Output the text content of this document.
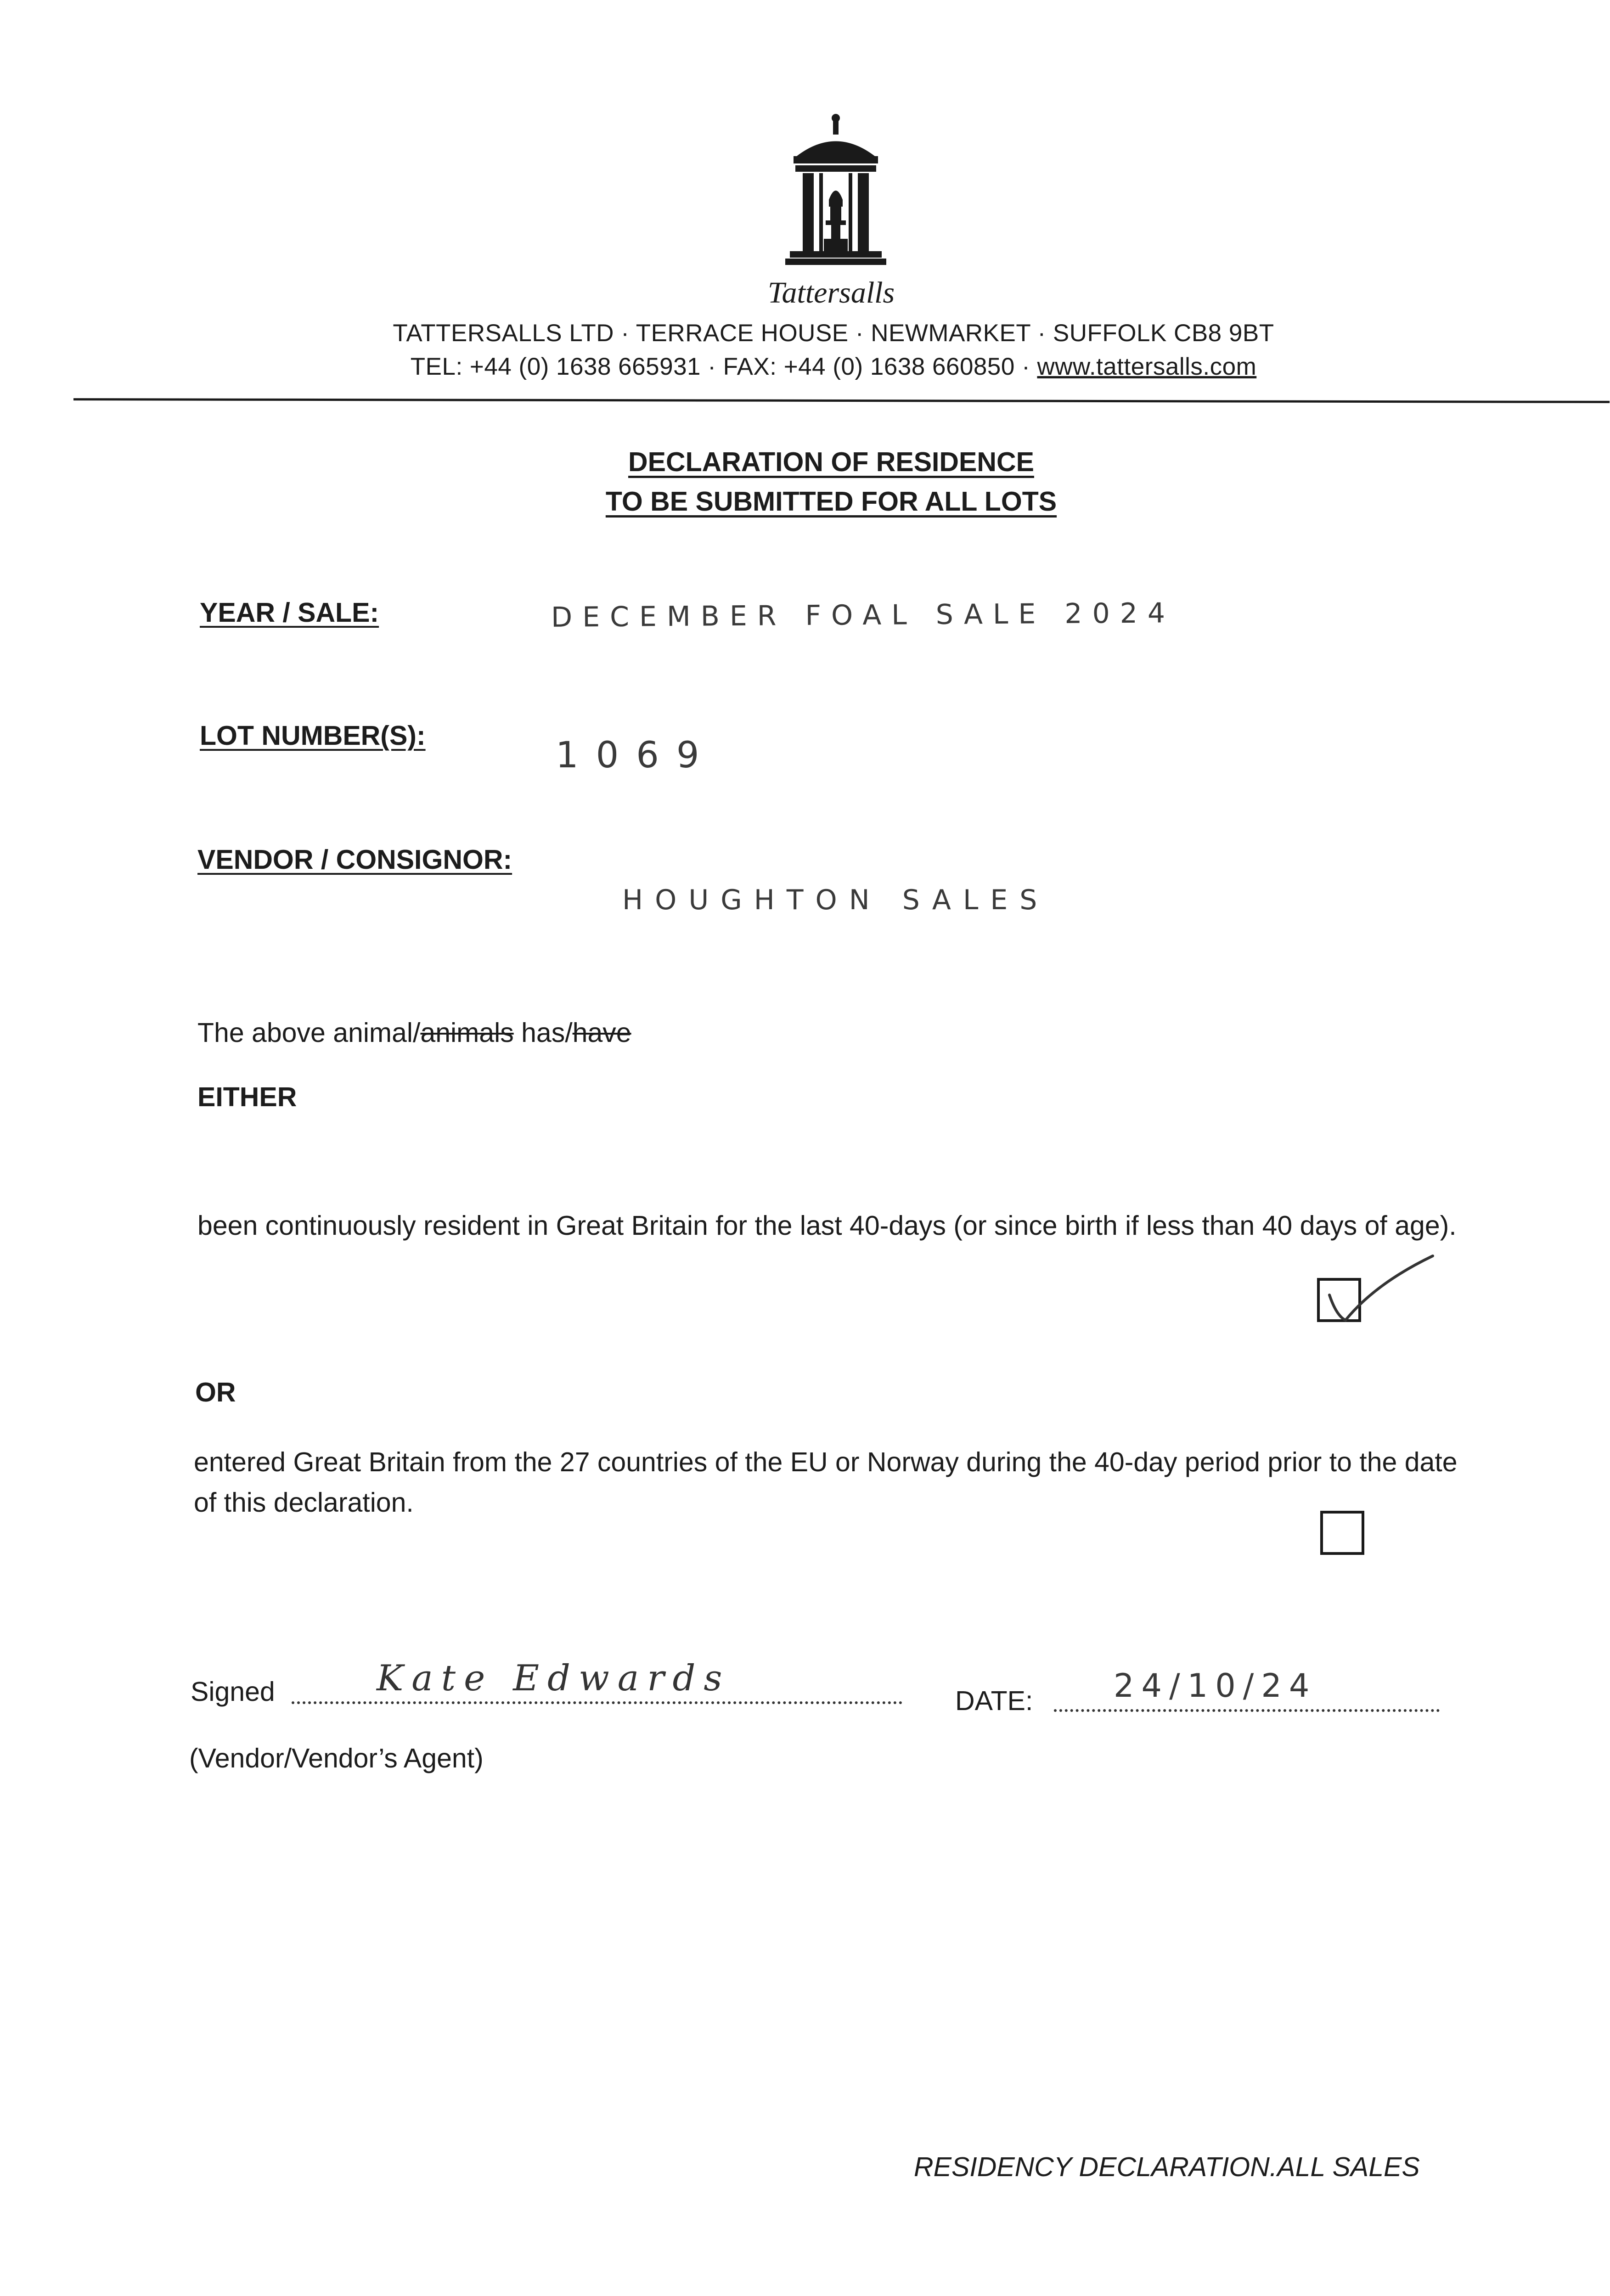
Tattersalls
TATTERSALLS LTD · TERRACE HOUSE · NEWMARKET · SUFFOLK CB8 9BT
TEL: +44 (0) 1638 665931 · FAX: +44 (0) 1638 660850 · www.tattersalls.com
DECLARATION OF RESIDENCE
TO BE SUBMITTED FOR ALL LOTS
YEAR / SALE:	DECEMBER FOAL SALE 2024
LOT NUMBER(S):	1069
VENDOR / CONSIGNOR:
HOUGHTON SALES
The above animal/animals has/have
EITHER
been continuously resident in Great Britain for the last 40-days (or since birth if less than 40 days of age).
OR
entered Great Britain from the 27 countries of the EU or Norway during the 40-day period prior to the date of this declaration.
Signed	Kate Edwards
DATE:	24/10/24
(Vendor/Vendor’s Agent)
RESIDENCY DECLARATION.ALL SALES
